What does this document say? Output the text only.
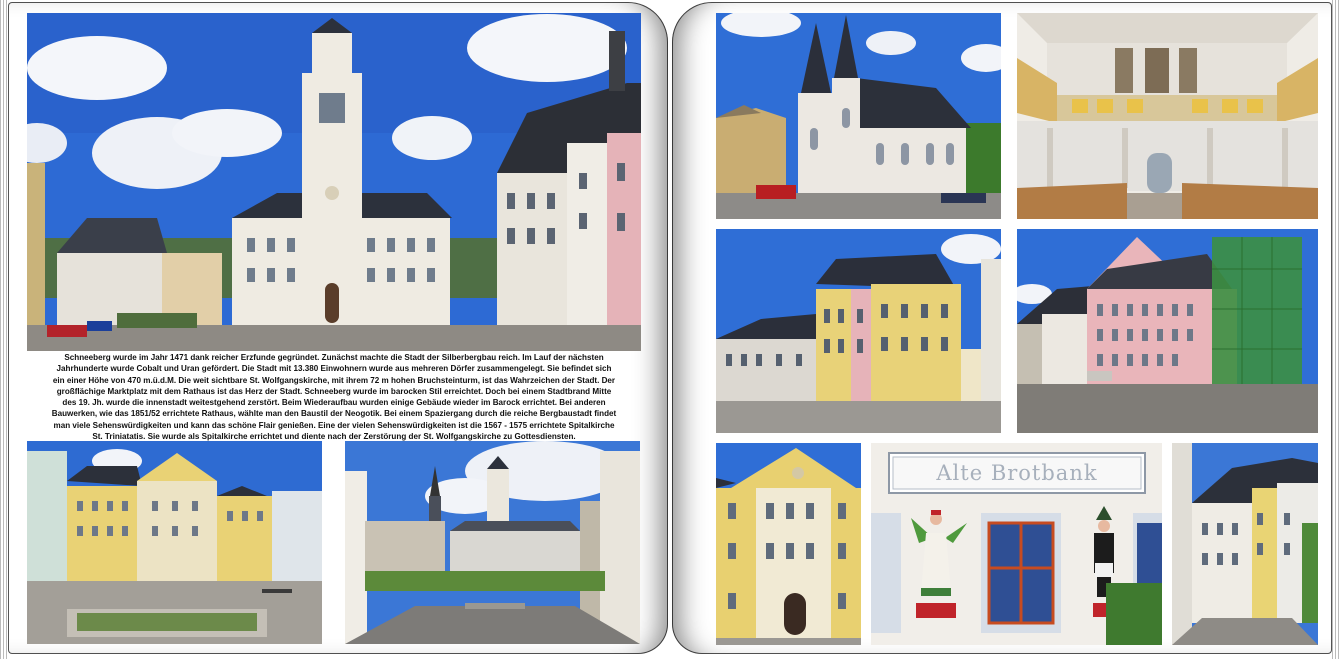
Schneeberg wurde im Jahr 1471 dank reicher Erzfunde gegründet. Zunächst machte die Stadt der Silberbergbau reich. Im Lauf der nächsten
Jahrhunderte wurde Cobalt und Uran gefördert. Die Stadt mit 13.380 Einwohnern wurde aus mehreren Dörfer zusammengelegt. Sie befindet sich
ein einer Höhe von 470 m.ü.d.M. Die weit sichtbare St. Wolfgangskirche, mit ihrem 72 m hohen Bruchsteinturm, ist das Wahrzeichen der Stadt. Der
großflächige Marktplatz mit dem Rathaus ist das Herz der Stadt. Schneeberg wurde im barocken Stil erreichtet. Doch bei einem Stadtbrand Mitte
des 19. Jh. wurde die innenstadt weitestgehend zerstört. Beim Wiederaufbau wurden einige Gebäude wieder im Barock errichtet. Bei anderen
Bauwerken, wie das 1851/52 errichtete Rathaus, wählte man den Baustil der Neogotik. Bei einem Spaziergang durch die reiche Bergbaustadt findet
man viele Sehenswürdigkeiten und kann das schöne Flair genießen. Eine der vielen Sehenswürdigkeiten ist die 1567 - 1575 errichtete Spitalkirche
St. Triniatatis. Sie wurde als Spitalkirche errichtet und diente nach der Zerstörung der St. Wolfgangskirche zu Gottesdiensten.
Alte Brotbank
